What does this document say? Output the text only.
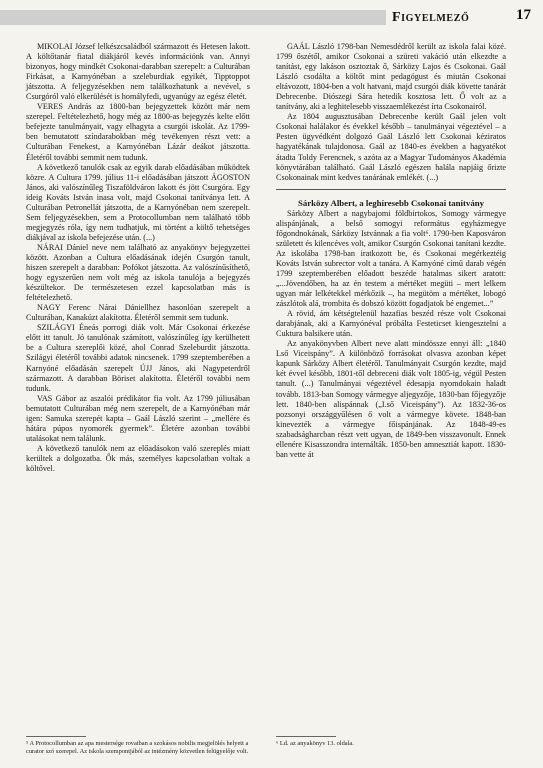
Figyelmező	17

MIKOLAI József lelkészcsaládból származott és Hetesen lakott. A költőtanár fiatal diákjáról kevés információnk van. Annyi bizonyos, hogy mindkét Csokonai-darabban szerepelt: a Culturában Firkásat, a Karnyónéban a szeleburdiak egyikét, Tipptoppot játszotta. A feljegyzésekben nem találkozhatunk a nevével, s Csurgóról való elkerülését is homályfedi, ugyanúgy az egész életét.

VERES András az 1800-ban bejegyzettek között már nem szerepel. Feltételezhető, hogy még az 1800-as bejegyzés kelte előtt befejezte tanulmányait, vagy elhagyta a csurgói iskolát. Az 1799-ben bemutatott színdarabokban még tevékenyen részt vett: a Culturában Fenekest, a Karnyónéban Lázár deákot játszotta. Életéről további semmit nem tudunk.

A következő tanulók csak az egyik darab előadásában működtek közre. A Cultura 1799. július 11-i előadásában játszott ÁGOSTON János, aki valószínűleg Tiszaföldváron lakott és jött Csurgóra. Egy ideig Kováts István inasa volt, majd Csokonai tanítványa lett. A Culturában Petronellát játszotta, de a Karnyónéban nem szerepelt. Sem feljegyzésekben, sem a Protocollumban nem található több megjegyzés róla, így nem tudhatjuk, mi történt a költő tehetséges diákjával az iskola befejezése után. (...)

NÁRAI Dániel neve nem található az anyakönyv bejegyzettei között. Azonban a Cultura előadásának idején Csurgón tanult, hiszen szerepelt a darabban: Pofókot játszotta. Az valószínűsíthető, hogy egyszerűen nem volt még az iskola tanulója a bejegyzés készültekor. De természetesen ezzel kapcsolatban más is feltételezhető.

NAGY Ferenc Nárai Dániellhez hasonlóan szerepelt a Culturában, Kanakúzt alakította. Életéről semmit sem tudunk.

SZILÁGYI Éneás porrogi diák volt. Már Csokonai érkezése előtt itt tanult. Jó tanulónak számított, valószínűleg így kerülhetett be a Cultura szereplői közé, ahol Conrad Szeleburdit játszotta. Szilágyi életéről további adatok nincsenek. 1799 szeptemberében a Karnyóné előadásán szerepelt ÚJJ János, aki Nagypeterdről származott. A darabban Böriset alakította. Életéről további nem tudunk.

VAS Gábor az aszalói prédikátor fia volt. Az 1799 júliusában bemutatott Culturában még nem szerepelt, de a Karnyónéban már igen: Samuka szerepét kapta – Gaál László szerint – „mellére és hátára púpos nyomorék gyermek”. Életére azonban további utalásokat nem találunk.

A következő tanulók nem az előadásokon való szereplés miatt kerültek a dolgozatba. Ők más, személyes kapcsolatban voltak a költővel.

GAÁL László 1798-ban Nemesdédről került az iskola falai közé. 1799 őszétől, amikor Csokonai a szüreti vakáció után elkezdte a tanítást, egy lakáson osztoztak ő, Sárközy Lajos és Csokonai. Gaál László csodálta a költőt mint pedagógust és miután Csokonai eltávozott, 1804-ben a volt hatvani, majd csurgói diák követte tanárát Debrecenbe. Diószegi Sára hetedik kosztosa lett. Ő volt az a tanítvány, aki a leghitelesebb visszaemlékezést írta Csokonairól.

Az 1804 augusztusában Debrecenbe került Gaál jelen volt Csokonai halálakor és évekkel később – tanulmányai végeztével – a Pesten ügyvédként dolgozó Gaál László lett Csokonai kéziratos hagyatékának tulajdonosa. Gaál az 1840-es években a hagyatékot átadta Toldy Ferencnek, s azóta az a Magyar Tudományos Akadémia könyvtárában található. Gaál László egészen halála napjáig őrizte Csokonainak mint kedves tanárának emlékét. (...)

Sárközy Albert, a leghíresebb Csokonai tanítvány

Sárközy Albert a nagybajomi földbirtokos, Somogy vármegye alispánjának, a belső somogyi református egyházmegye főgondnokának, Sárközy Istvánnak a fia volt⁶. 1790-ben Kaposváron született és kilencéves volt, amikor Csurgón Csokonai tanítani kezdte. Az iskolába 1798-ban iratkozott be, és Csokonai megérkeztéig Kováts István subrector volt a tanára. A Karnyóné című darab végén 1799 szeptemberében előadott beszéde hatalmas sikert aratott: „...Jövendőben, ha az én testem a mértéket megüti – mert lelkem ugyan már lelkétekkel mérkőzik –, ha megütöm a mértéket, lobogó zászlótok alá, trombita és dobszó között fogadjatok bé engemet...”

A rövid, ám kétségtelenül hazafias beszéd része volt Csokonai darabjának, aki a Karnyónéval próbálta Festeticset kiengesztelni a Cuktura balsikere után.

Az anyakönyvben Albert neve alatt mindössze ennyi áll: „1840 Lső Viceispány”. A különböző forrásokat olvasva azonban képet kapunk Sárközy Albert életéről. Tanulmányait Csurgón kezdte, majd két évvel később, 1801-től debreceni diák volt 1805-ig, végül Pesten tanult. (...) Tanulmányai végeztével édesapja nyomdokain haladt tovább. 1813-ban Somogy vármegye aljegyzője, 1830-ban főjegyzője lett. 1840-ben alispánnak („I.ső Viceispány”). Az 1832-36-os pozsonyi országgyűlésen ő volt a vármegye követe. 1848-ban kinevezték a vármegye főispánjának. Az 1848-49-es szabadságharcban részt vett ugyan, de 1849-ben visszavonult. Ennek ellenére Kisasszondra internálták. 1850-ben amnesztiát kapott. 1830-ban vette át

⁵ A Protocollumban az apa mestersége rovatban a szokásos nobilis megjelölés helyett a curator szó szerepel. Az iskola szempontjából az intézmény közvetlen felügyelője volt.
⁶ Ld. az anyakönyv 13. oldala.
